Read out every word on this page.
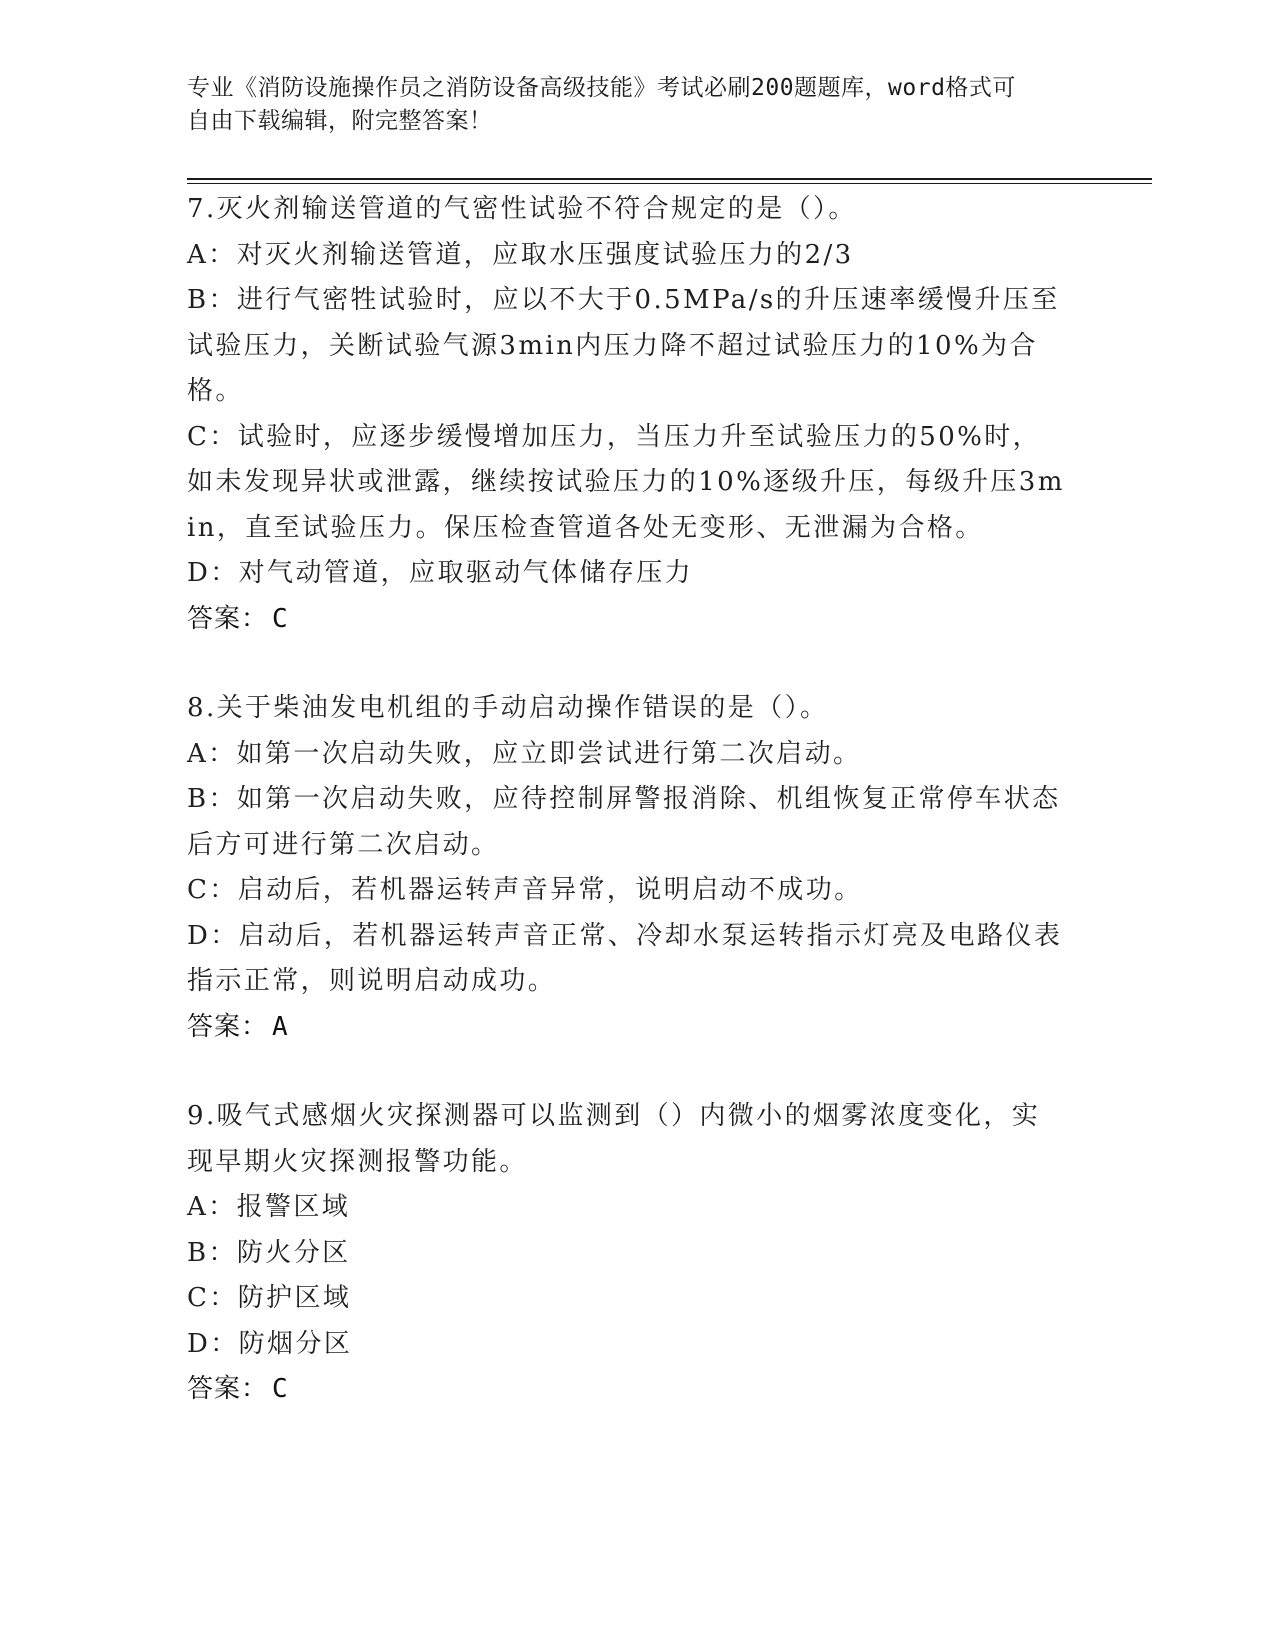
专业《消防设施操作员之消防设备高级技能》考试必刷200题题库，word格式可
自由下载编辑，附完整答案！
7.灭火剂输送管道的气密性试验不符合规定的是（）。
A：对灭火剂输送管道，应取水压强度试验压力的2/3
B：进行气密牲试验时，应以不大于0.5MPa/s的升压速率缓慢升压至试验压力，关断试验气源3min内压力降不超过试验压力的10%为合格。
C：试验时，应逐步缓慢增加压力，当压力升至试验压力的50%时，如未发现异状或泄露，继续按试验压力的10%逐级升压，每级升压3min，直至试验压力。保压检查管道各处无变形、无泄漏为合格。
D：对气动管道，应取驱动气体储存压力
答案： C
8.关于柴油发电机组的手动启动操作错误的是（）。
A：如第一次启动失败，应立即尝试进行第二次启动。
B：如第一次启动失败，应待控制屏警报消除、机组恢复正常停车状态后方可进行第二次启动。
C：启动后，若机器运转声音异常，说明启动不成功。
D：启动后，若机器运转声音正常、冷却水泵运转指示灯亮及电路仪表指示正常，则说明启动成功。
答案： A
9.吸气式感烟火灾探测器可以监测到（）内微小的烟雾浓度变化，实现早期火灾探测报警功能。
A：报警区域
B：防火分区
C：防护区域
D：防烟分区
答案： C
